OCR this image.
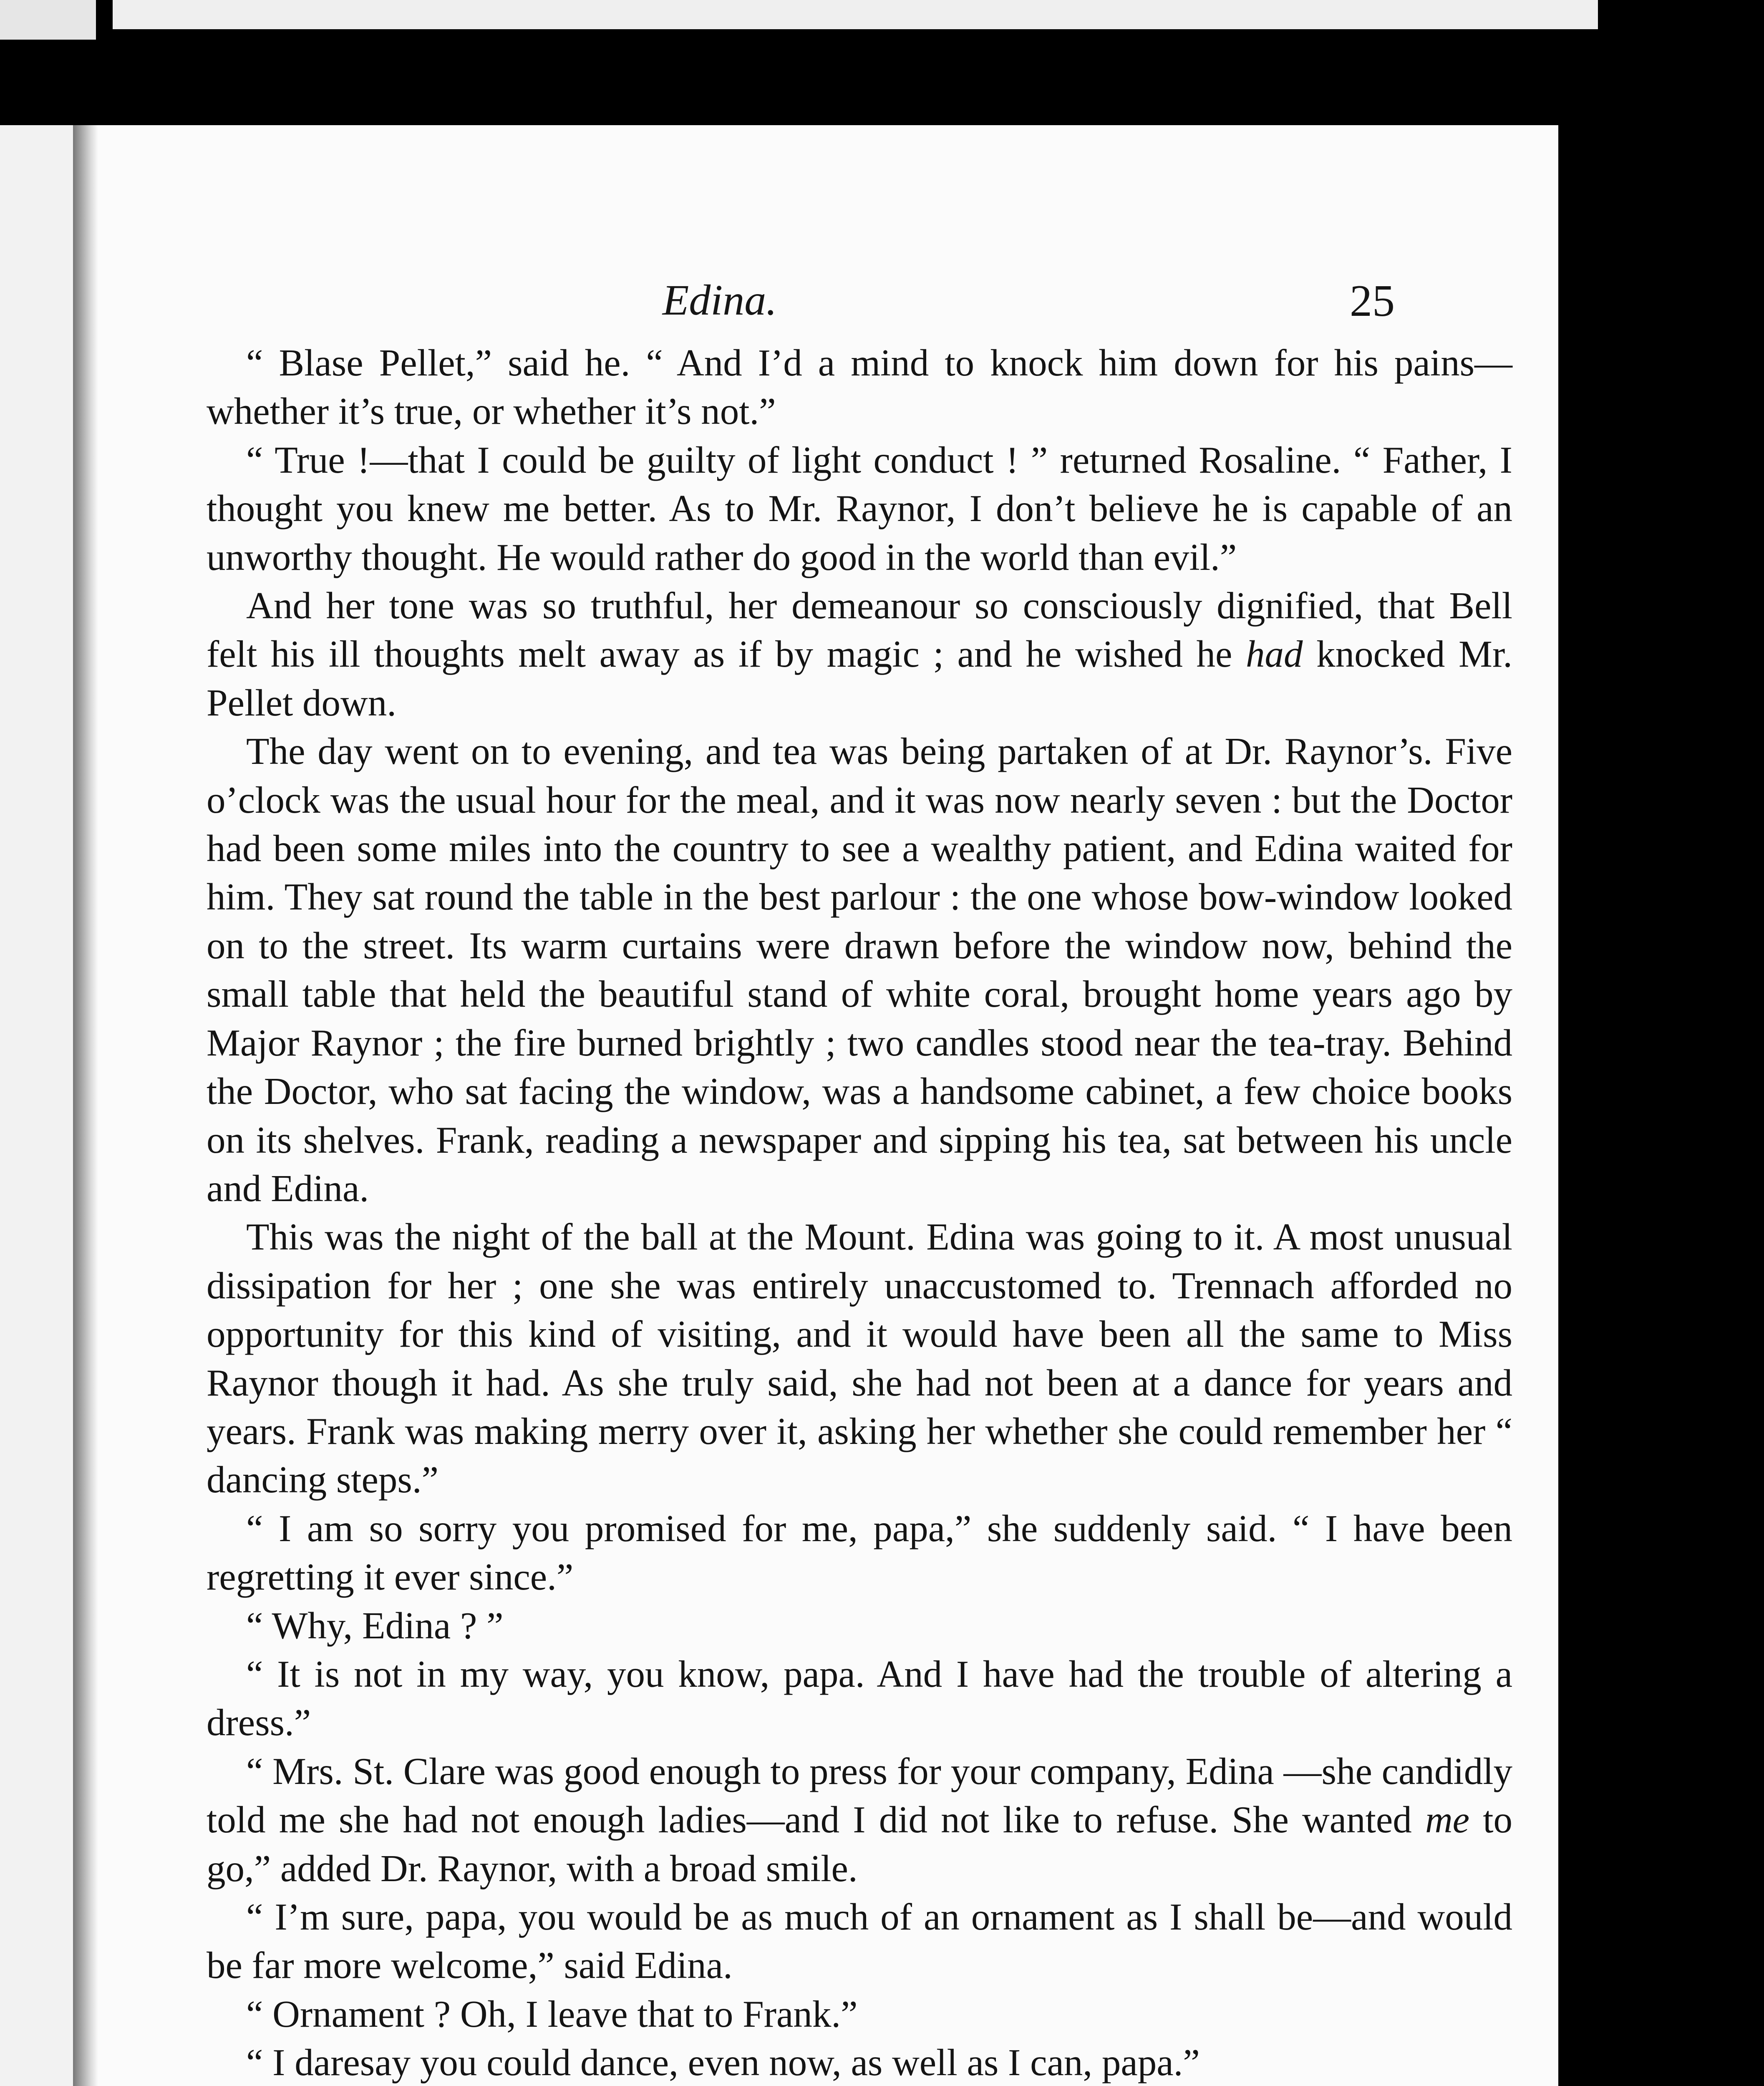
Edina.	25

“ Blase Pellet,” said he. “ And I’d a mind to knock him down for his pains—whether it’s true, or whether it’s not.”

“ True !—that I could be guilty of light conduct ! ” returned Rosaline. “ Father, I thought you knew me better. As to Mr. Raynor, I don’t believe he is capable of an unworthy thought. He would rather do good in the world than evil.”

And her tone was so truthful, her demeanour so consciously dignified, that Bell felt his ill thoughts melt away as if by magic ; and he wished he had knocked Mr. Pellet down.

The day went on to evening, and tea was being partaken of at Dr. Raynor’s. Five o’clock was the usual hour for the meal, and it was now nearly seven : but the Doctor had been some miles into the country to see a wealthy patient, and Edina waited for him. They sat round the table in the best parlour : the one whose bow-window looked on to the street. Its warm curtains were drawn before the window now, behind the small table that held the beautiful stand of white coral, brought home years ago by Major Raynor ; the fire burned brightly ; two candles stood near the tea-tray. Behind the Doctor, who sat facing the window, was a handsome cabinet, a few choice books on its shelves. Frank, reading a newspaper and sipping his tea, sat between his uncle and Edina.

This was the night of the ball at the Mount. Edina was going to it. A most unusual dissipation for her ; one she was entirely unaccustomed to. Trennach afforded no opportunity for this kind of visiting, and it would have been all the same to Miss Raynor though it had. As she truly said, she had not been at a dance for years and years. Frank was making merry over it, asking her whether she could remember her “ dancing steps.”

“ I am so sorry you promised for me, papa,” she suddenly said. “ I have been regretting it ever since.”

“ Why, Edina ? ”

“ It is not in my way, you know, papa. And I have had the trouble of altering a dress.”

“ Mrs. St. Clare was good enough to press for your company, Edina —she candidly told me she had not enough ladies—and I did not like to refuse. She wanted me to go,” added Dr. Raynor, with a broad smile.

“ I’m sure, papa, you would be as much of an ornament as I shall be—and would be far more welcome,” said Edina.

“ Ornament ? Oh, I leave that to Frank.”

“ I daresay you could dance, even now, as well as I can, papa.”
